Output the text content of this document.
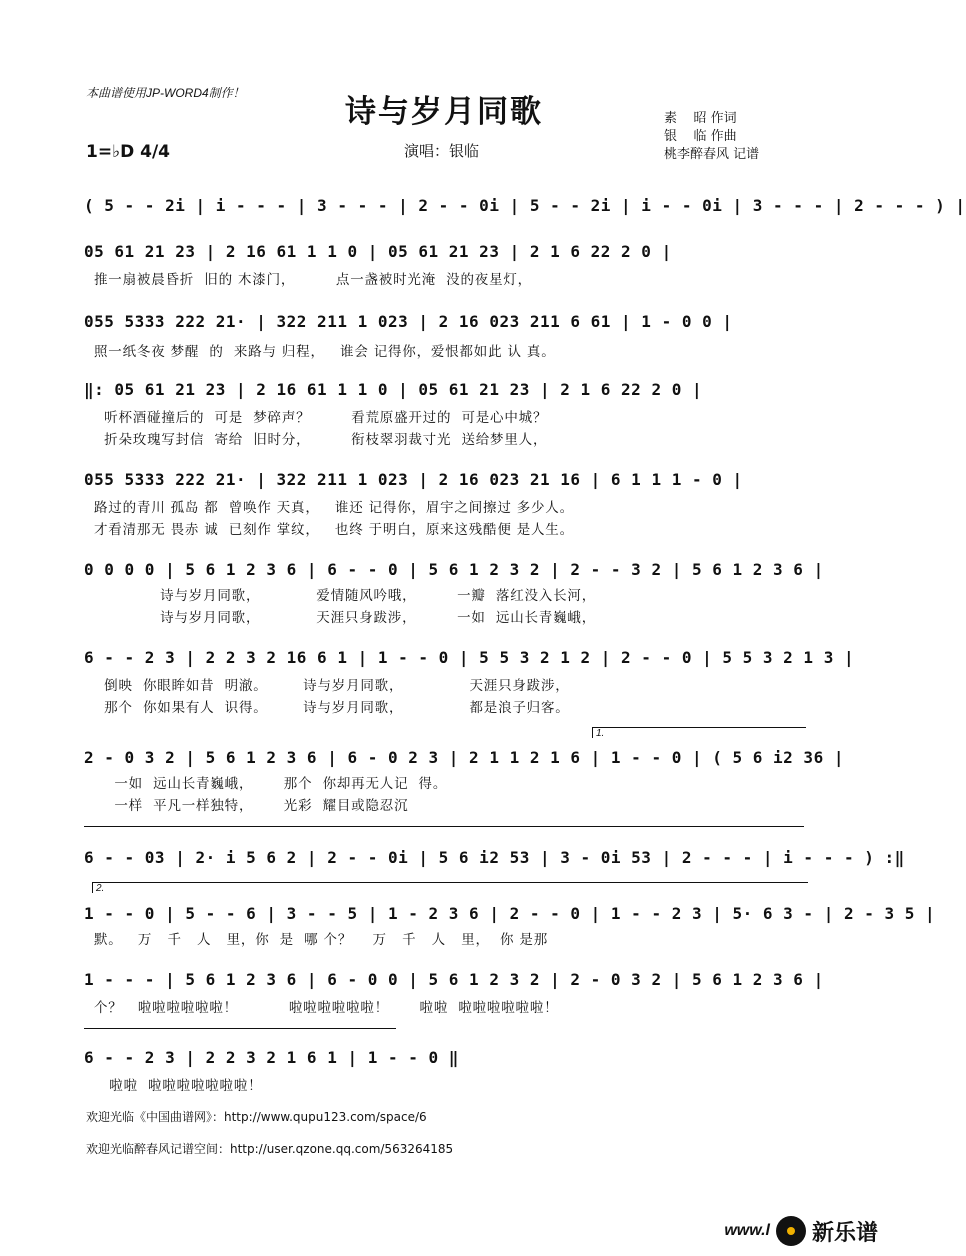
本曲谱使用JP-WORD4制作！
诗与岁月同歌
1=♭D 4/4	演唱：银临
素    昭 作词
银    临 作曲
桃李醉春风 记谱
( 5 - - 2i | i - - - | 3 - - - | 2 - - 0i | 5 - - 2i | i - - 0i | 3 - - - | 2 - - - ) |
05 61 21 23 | 2 16 61 1 1 0 | 05 61 21 23 | 2 1 6 22 2 0 |
推一扇被晨昏折  旧的 木漆门，        点一盏被时光淹  没的夜星灯，
055 5333 222 21· | 322 211 1 023 | 2 16 023 211 6 61 | 1 - 0 0 |
照一纸冬夜 梦醒  的  来路与 归程，   谁会 记得你，爱恨都如此 认 真。
‖: 05 61 21 23 | 2 16 61 1 1 0 | 05 61 21 23 | 2 1 6 22 2 0 |
听杯酒碰撞后的  可是  梦碎声？        看荒原盛开过的  可是心中城？
折朵玫瑰写封信  寄给  旧时分，        衔枝翠羽裁寸光  送给梦里人，
055 5333 222 21· | 322 211 1 023 | 2 16 023 21 16 | 6 1 1 1 - 0 |
路过的青川 孤岛 都  曾唤作 天真，   谁还 记得你，眉宇之间擦过 多少人。
才看清那无 畏赤 诚  已刻作 掌纹，   也终 于明白，原来这残酷便 是人生。
0 0 0 0 | 5 6 1 2 3 6 | 6 - - 0 | 5 6 1 2 3 2 | 2 - - 3 2 | 5 6 1 2 3 6 |
诗与岁月同歌，           爱情随风吟哦，        一瓣  落红没入长河，
诗与岁月同歌，           天涯只身跋涉，        一如  远山长青巍峨，
6 - - 2 3 | 2 2 3 2 16 6 1 | 1 - - 0 | 5 5 3 2 1 2 | 2 - - 0 | 5 5 3 2 1 3 |
倒映  你眼眸如昔  明澈。       诗与岁月同歌，             天涯只身跋涉，
那个  你如果有人  识得。       诗与岁月同歌，             都是浪子归客。
1.
2 - 0 3 2 | 5 6 1 2 3 6 | 6 - 0 2 3 | 2 1 1 2 1 6 | 1 - - 0 | ( 5 6 i2 36 |
一如  远山长青巍峨，      那个  你却再无人记  得。
一样  平凡一样独特，      光彩  耀目或隐忍沉
6 - - 03 | 2· i 5 6 2 | 2 - - 0i | 5 6 i2 53 | 3 - 0i 53 | 2 - - - | i - - - ) :‖
2.
1 - - 0 | 5 - - 6 | 3 - - 5 | 1 - 2 3 6 | 2 - - 0 | 1 - - 2 3 | 5· 6 3 - | 2 - 3 5 |
默。   万   千   人   里，你  是  哪 个？    万   千   人   里，  你 是那
1 - - - | 5 6 1 2 3 6 | 6 - 0 0 | 5 6 1 2 3 2 | 2 - 0 3 2 | 5 6 1 2 3 6 |
个？   啦啦啦啦啦啦！          啦啦啦啦啦啦！      啦啦  啦啦啦啦啦啦！
6 - - 2 3 | 2 2 3 2 1 6 1 | 1 - - 0 ‖
啦啦  啦啦啦啦啦啦啦！
欢迎光临《中国曲谱网》：http://www.qupu123.com/space/6
欢迎光临醉春风记谱空间：http://user.qzone.qq.com/563264185
www.l 新乐谱
